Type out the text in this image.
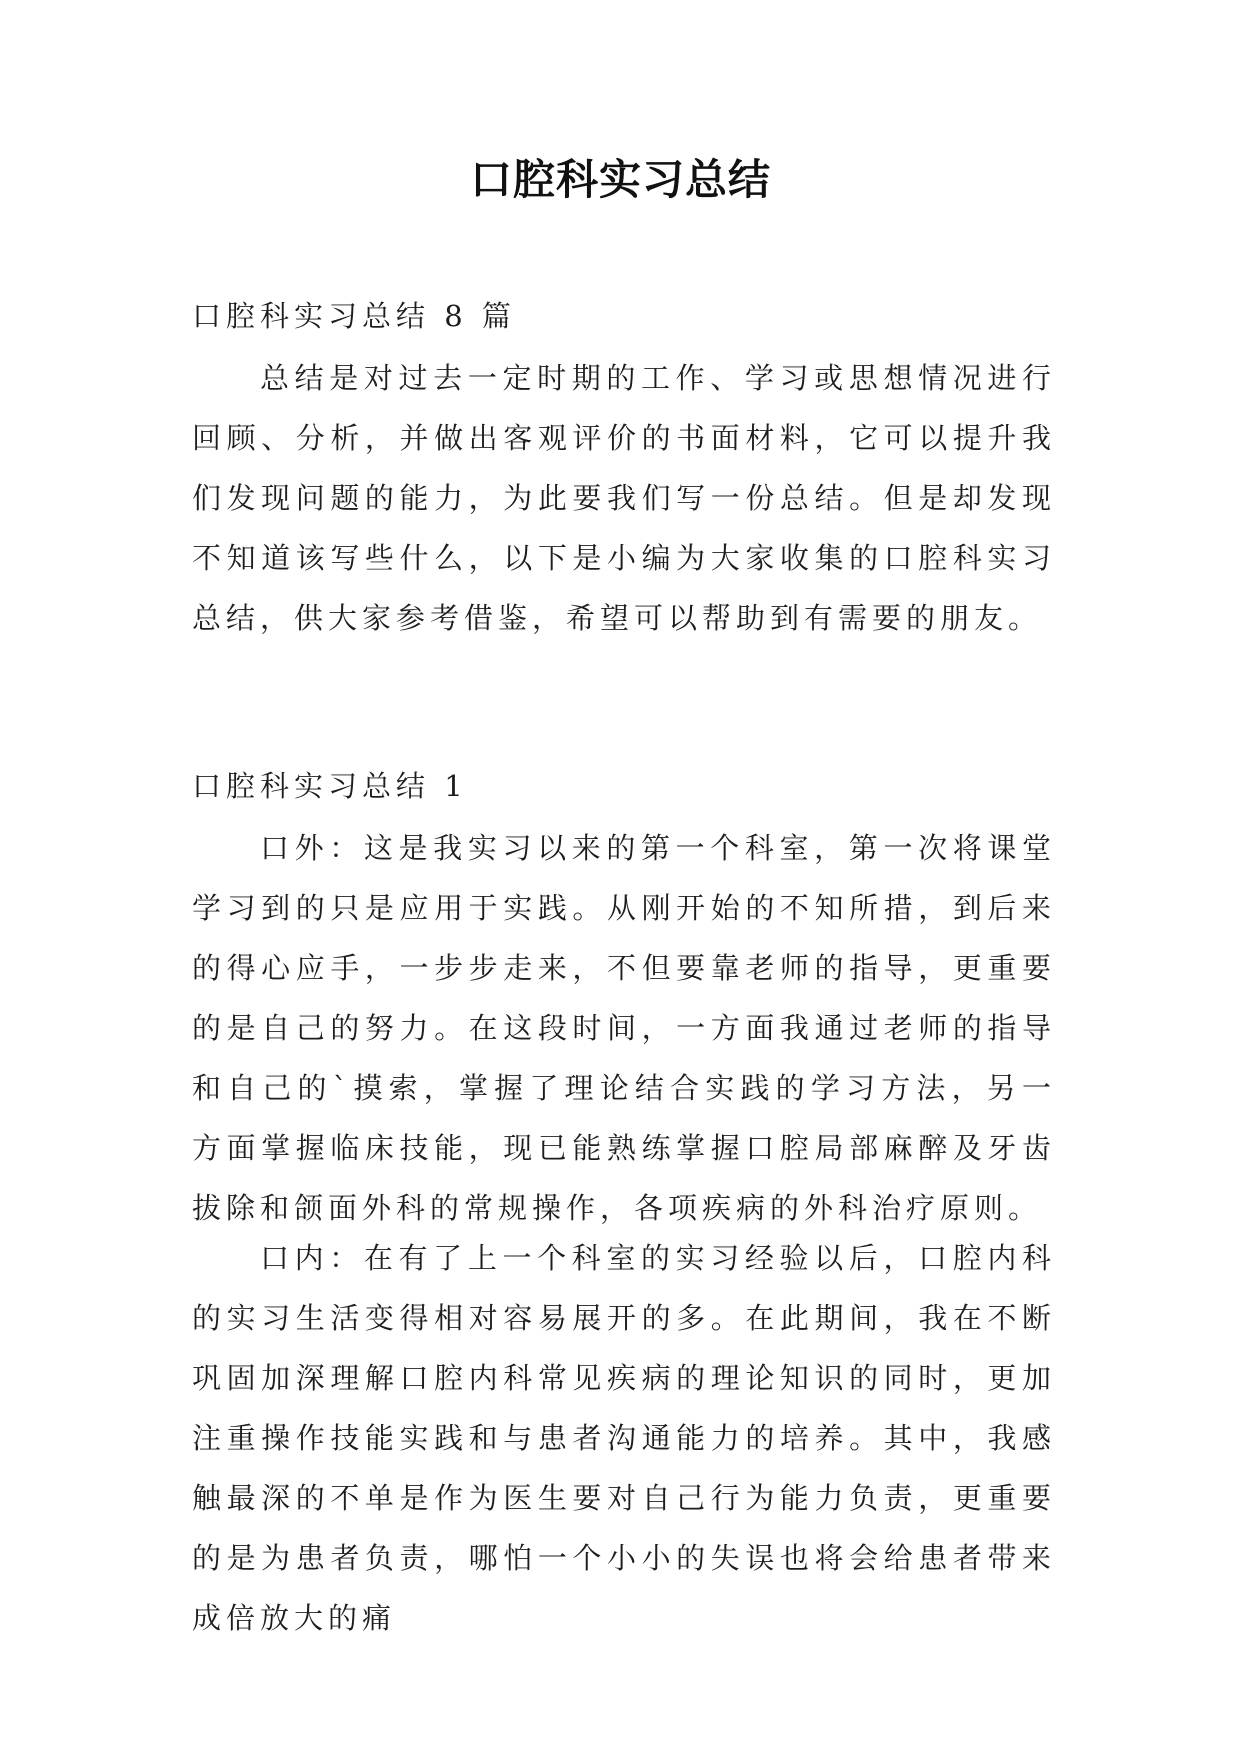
口腔科实习总结

口腔科实习总结 8 篇

总结是对过去一定时期的工作、学习或思想情况进行回顾、分析，并做出客观评价的书面材料，它可以提升我们发现问题的能力，为此要我们写一份总结。但是却发现不知道该写些什么，以下是小编为大家收集的口腔科实习总结，供大家参考借鉴，希望可以帮助到有需要的朋友。

口腔科实习总结 1

口外：这是我实习以来的第一个科室，第一次将课堂学习到的只是应用于实践。从刚开始的不知所措，到后来的得心应手，一步步走来，不但要靠老师的指导，更重要的是自己的努力。在这段时间，一方面我通过老师的指导和自己的`摸索，掌握了理论结合实践的学习方法，另一方面掌握临床技能，现已能熟练掌握口腔局部麻醉及牙齿拔除和颌面外科的常规操作，各项疾病的外科治疗原则。

口内：在有了上一个科室的实习经验以后，口腔内科的实习生活变得相对容易展开的多。在此期间，我在不断巩固加深理解口腔内科常见疾病的理论知识的同时，更加注重操作技能实践和与患者沟通能力的培养。其中，我感触最深的不单是作为医生要对自己行为能力负责，更重要的是为患者负责，哪怕一个小小的失误也将会给患者带来成倍放大的痛
